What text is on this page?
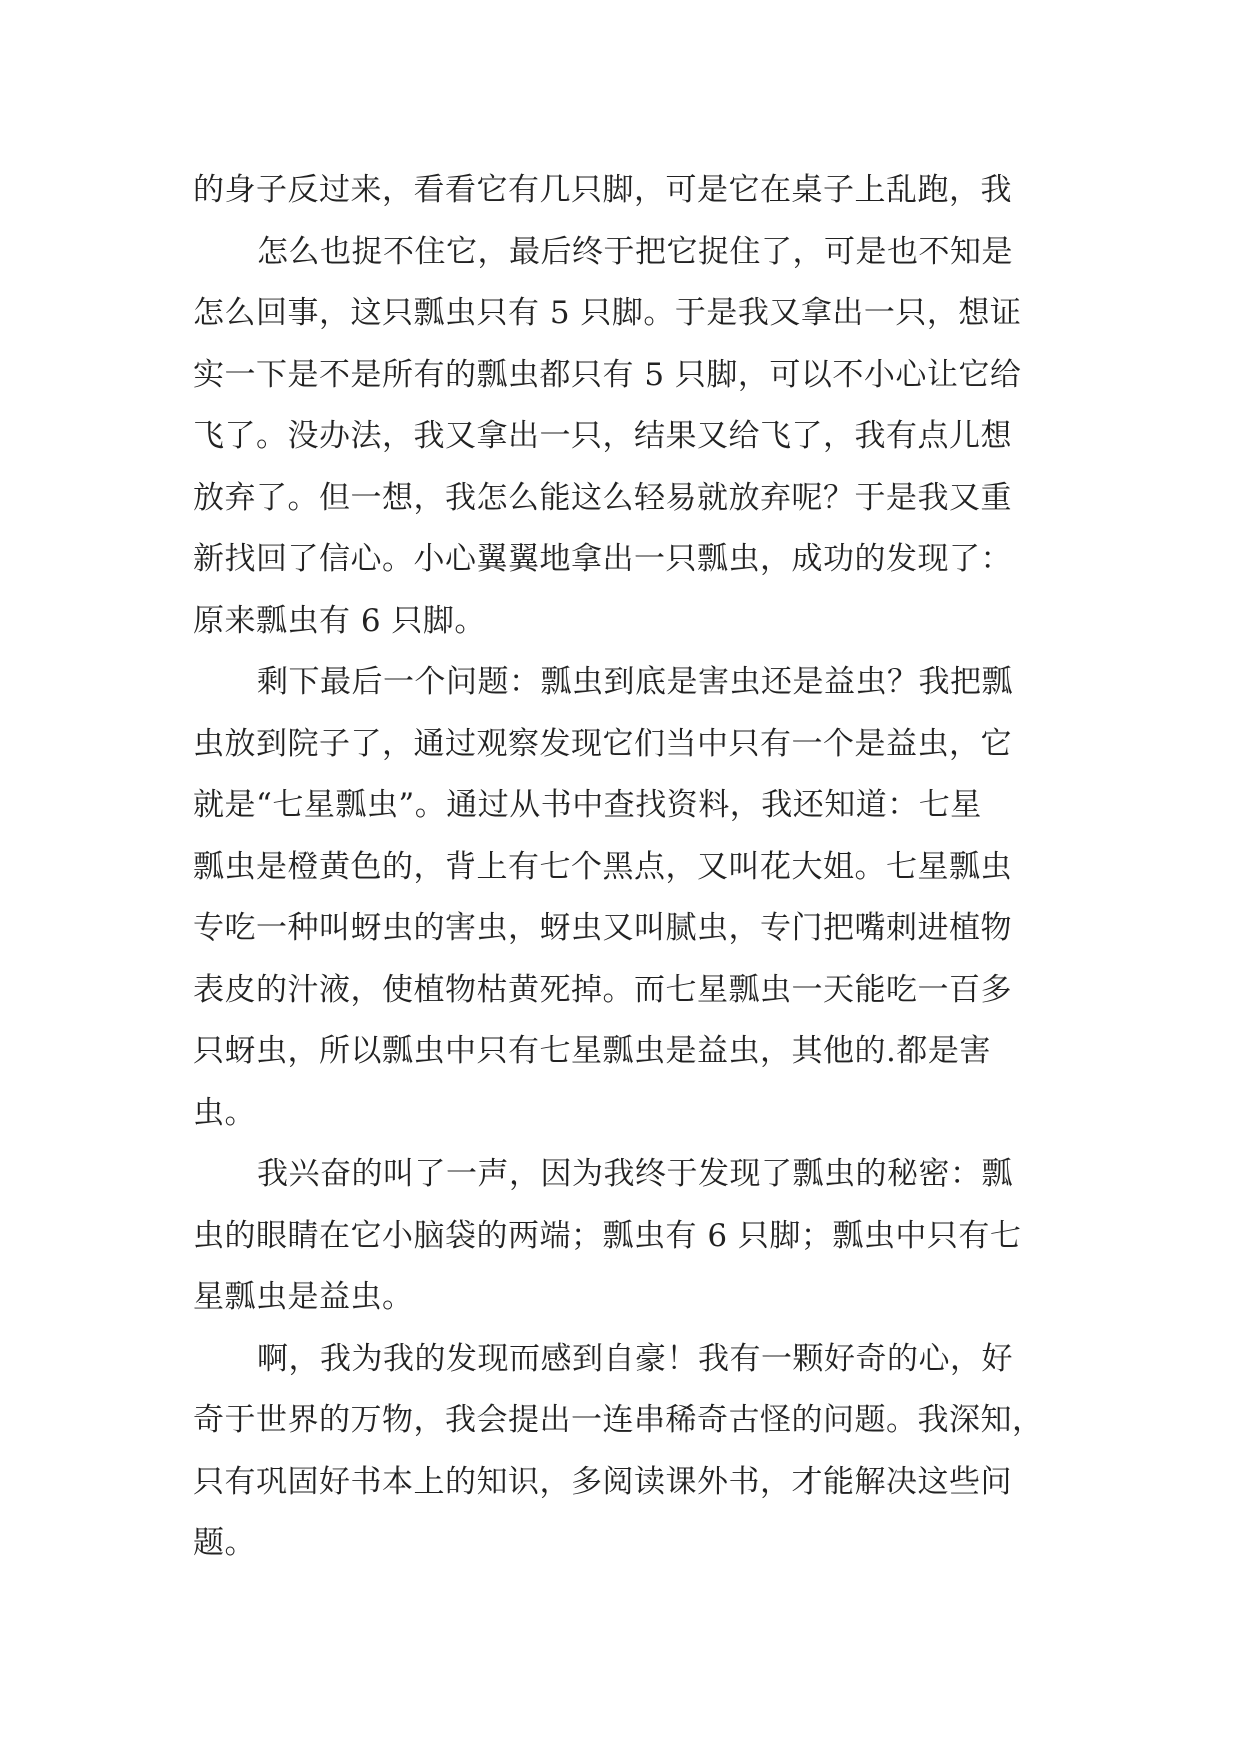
的身子反过来，看看它有几只脚，可是它在桌子上乱跑，我
怎么也捉不住它，最后终于把它捉住了，可是也不知是
怎么回事，这只瓢虫只有 5 只脚。于是我又拿出一只，想证
实一下是不是所有的瓢虫都只有 5 只脚，可以不小心让它给
飞了。没办法，我又拿出一只，结果又给飞了，我有点儿想
放弃了。但一想，我怎么能这么轻易就放弃呢？于是我又重
新找回了信心。小心翼翼地拿出一只瓢虫，成功的发现了：
原来瓢虫有 6 只脚。
剩下最后一个问题：瓢虫到底是害虫还是益虫？我把瓢
虫放到院子了，通过观察发现它们当中只有一个是益虫，它
就是“七星瓢虫”。通过从书中查找资料，我还知道：七星
瓢虫是橙黄色的，背上有七个黑点，又叫花大姐。七星瓢虫
专吃一种叫蚜虫的害虫，蚜虫又叫腻虫，专门把嘴刺进植物
表皮的汁液，使植物枯黄死掉。而七星瓢虫一天能吃一百多
只蚜虫，所以瓢虫中只有七星瓢虫是益虫，其他的.都是害
虫。
我兴奋的叫了一声，因为我终于发现了瓢虫的秘密：瓢
虫的眼睛在它小脑袋的两端；瓢虫有 6 只脚；瓢虫中只有七
星瓢虫是益虫。
啊，我为我的发现而感到自豪！我有一颗好奇的心，好
奇于世界的万物，我会提出一连串稀奇古怪的问题。我深知，
只有巩固好书本上的知识，多阅读课外书，才能解决这些问
题。
